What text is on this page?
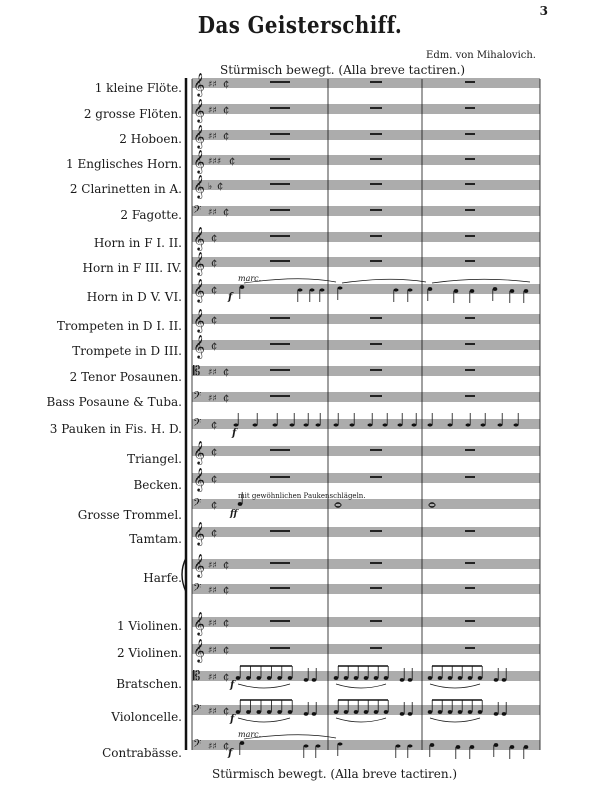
Das Geisterschiff.
3
Edm. von Mihalovich.
Stürmisch bewegt. (Alla breve tactiren.)
Stürmisch bewegt. (Alla breve tactiren.)
1 kleine Flöte.
2 grosse Flöten.
2 Hoboen.
1 Englisches Horn.
2 Clarinetten in A.
2 Fagotte.
Horn in F I. II.
Horn in F III. IV.
Horn in D V. VI.
Trompeten in D I. II.
Trompete in D III.
2 Tenor Posaunen.
Bass Posaune & Tuba.
3 Pauken in Fis. H. D.
Triangel.
Becken.
Grosse Trommel.
Tamtam.
Harfe.
1 Violinen.
2 Violinen.
Bratschen.
Violoncelle.
Contrabässe.
𝄞 ♯♯ ¢
𝄞 ♯♯ ¢
𝄞 ♯♯ ¢
𝄞 ♯♯♯ ¢
𝄞 ♭ ¢
𝄢 ♯♯ ¢
𝄞 ¢
𝄞 ¢
𝄞 ¢
𝄞 ¢
𝄞 ¢
𝄡 ♯♯ ¢
𝄢 ♯♯ ¢
𝄢 ¢
𝄞 ¢
𝄞 ¢
𝄢 ¢
𝄞 ¢
𝄞 ♯♯ ¢
𝄢 ♯♯ ¢
𝄞 ♯♯ ¢
𝄞 ♯♯ ¢
𝄡 ♯♯ ¢
𝄢 ♯♯ ¢
𝄢 ♯♯ ¢
marc.
f
f
mit gewöhnlichen Paukenschlägeln.
ff
f
f
marc.
f
